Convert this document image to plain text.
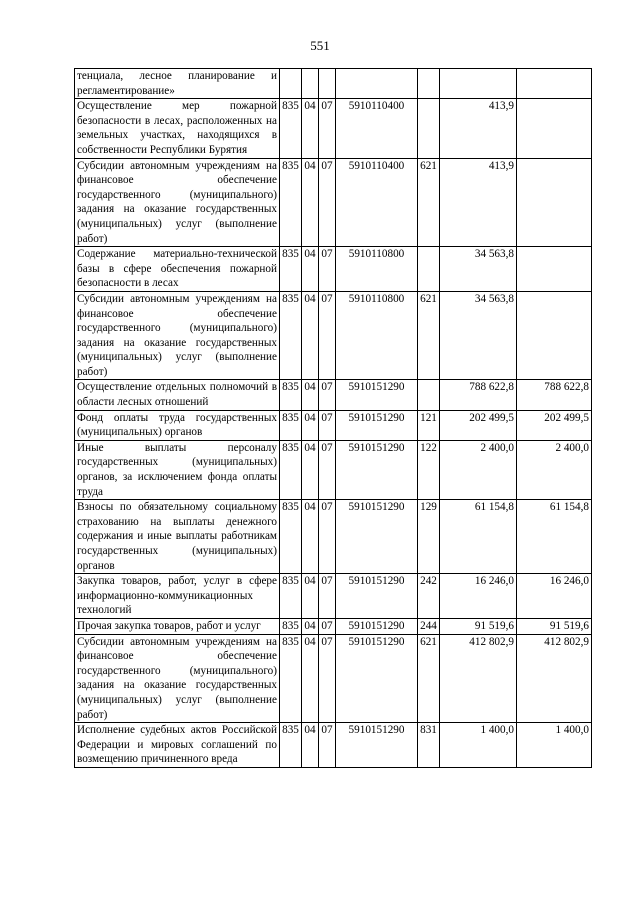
551
тенциала, лесное планирование и регламентирование»							
Осуществление мер пожарной безопасности в лесах, расположенных на земельных участках, находящихся в собственности Республики Бурятия	835	04	07	5910110400		413,9	
Субсидии автономным учреждениям на финансовое обеспечение государственного (муниципального) задания на оказание государственных (муниципальных) услуг (выполнение работ)	835	04	07	5910110400	621	413,9	
Содержание материально-технической базы в сфере обеспечения пожарной безопасности в лесах	835	04	07	5910110800		34 563,8	
Субсидии автономным учреждениям на финансовое обеспечение государственного (муниципального) задания на оказание государственных (муниципальных) услуг (выполнение работ)	835	04	07	5910110800	621	34 563,8	
Осуществление отдельных полномочий в области лесных отношений	835	04	07	5910151290		788 622,8	788 622,8
Фонд оплаты труда государственных (муниципальных) органов	835	04	07	5910151290	121	202 499,5	202 499,5
Иные выплаты персоналу государственных (муниципальных) органов, за исключением фонда оплаты труда	835	04	07	5910151290	122	2 400,0	2 400,0
Взносы по обязательному социальному страхованию на выплаты денежного содержания и иные выплаты работникам государственных (муниципальных) органов	835	04	07	5910151290	129	61 154,8	61 154,8
Закупка товаров, работ, услуг в сфере информационно-коммуникационных технологий	835	04	07	5910151290	242	16 246,0	16 246,0
Прочая закупка товаров, работ и услуг	835	04	07	5910151290	244	91 519,6	91 519,6
Субсидии автономным учреждениям на финансовое обеспечение государственного (муниципального) задания на оказание государственных (муниципальных) услуг (выполнение работ)	835	04	07	5910151290	621	412 802,9	412 802,9
Исполнение судебных актов Российской Федерации и мировых соглашений по возмещению причиненного вреда	835	04	07	5910151290	831	1 400,0	1 400,0
